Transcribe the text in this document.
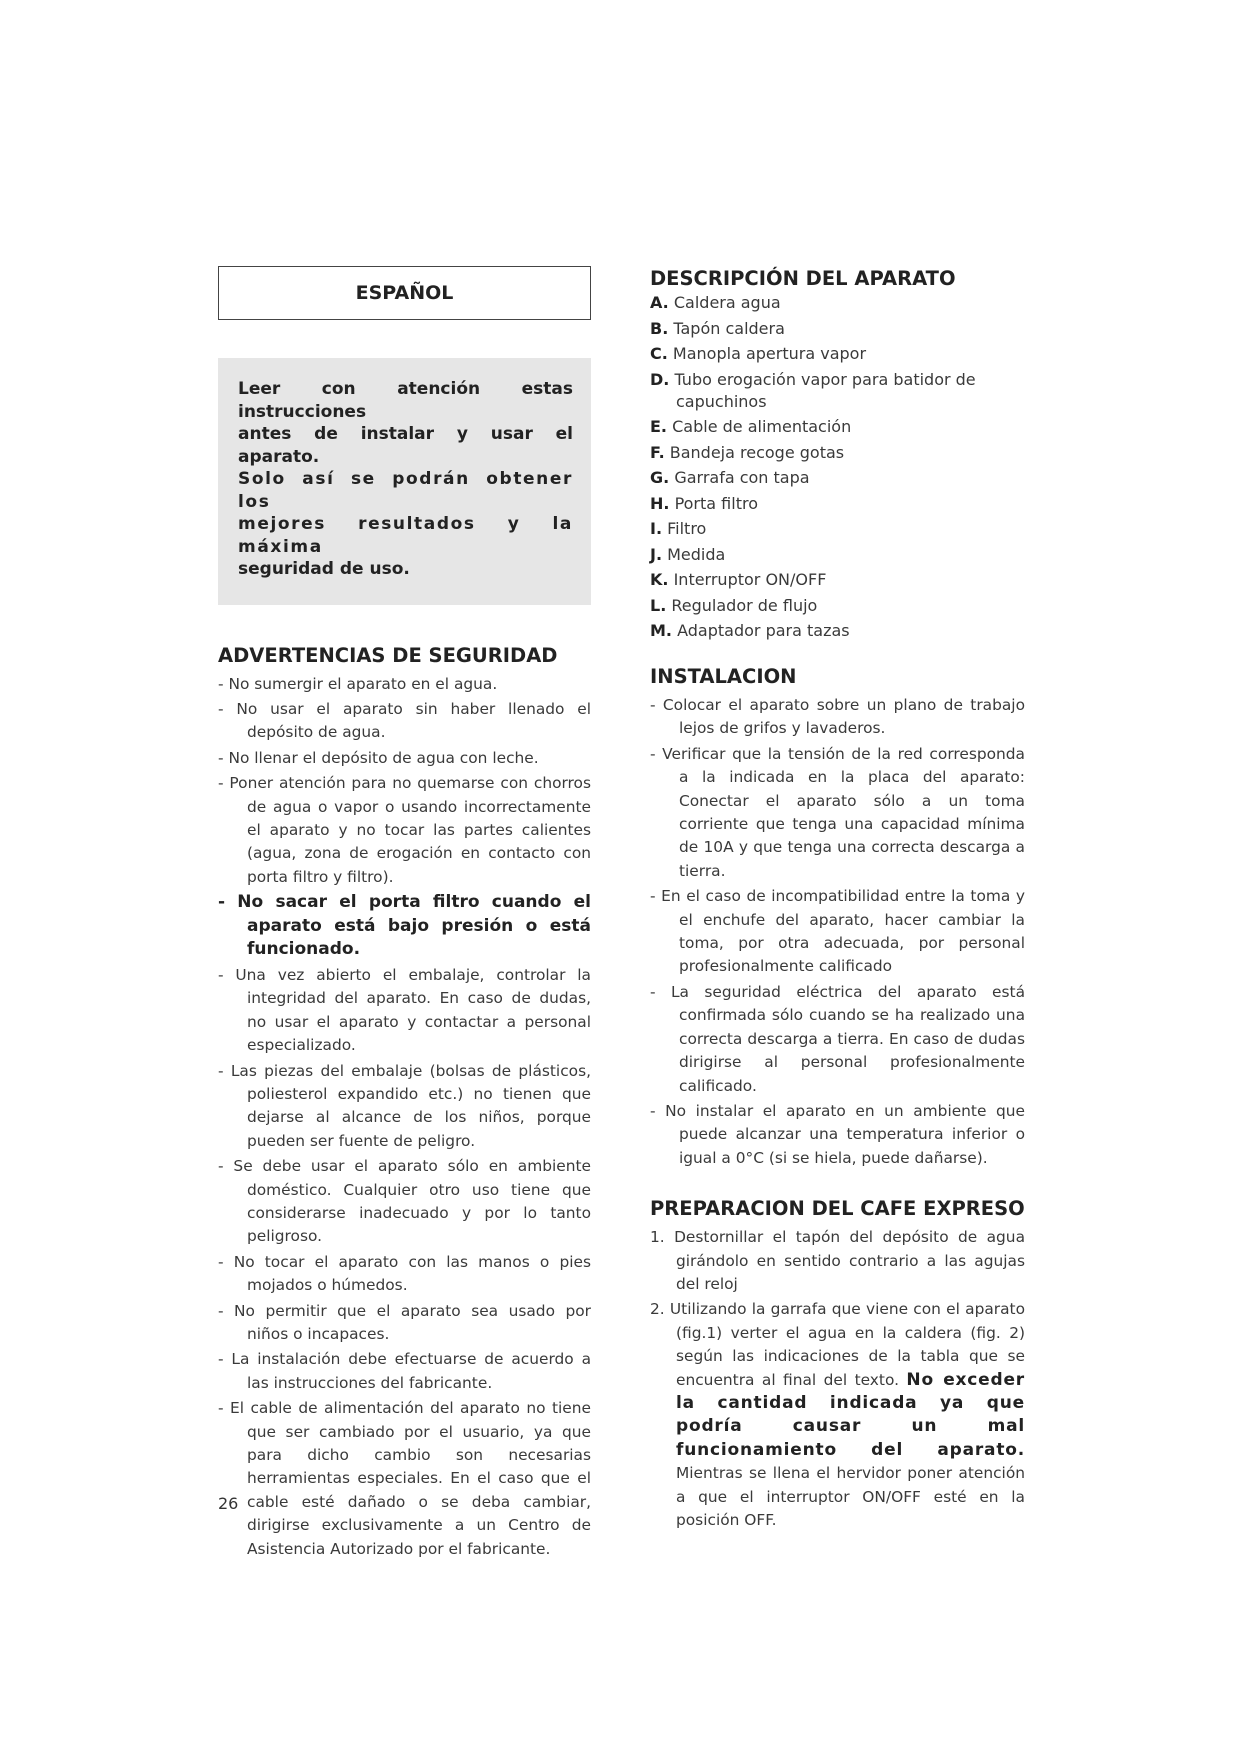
ESPAÑOL
Leer con atención estas instrucciones
antes de instalar y usar el aparato.
Solo así se podrán obtener los
mejores resultados y la máxima
seguridad de uso.
ADVERTENCIAS DE SEGURIDAD
- No sumergir el aparato en el agua.
- No usar el aparato sin haber llenado el depósito de agua.
- No llenar el depósito de agua con leche.
- Poner atención para no quemarse con chorros de agua o vapor o usando incorrectamente el aparato y no tocar las partes calientes (agua, zona de erogación en contacto con porta filtro y filtro).
- No sacar el porta filtro cuando el aparato está bajo presión o está funcionado.
- Una vez abierto el embalaje, controlar la integridad del aparato. En caso de dudas, no usar el aparato y contactar a personal especializado.
- Las piezas del embalaje (bolsas de plásticos, poliesterol expandido etc.) no tienen que dejarse al alcance de los niños, porque pueden ser fuente de peligro.
- Se debe usar el aparato sólo en ambiente doméstico. Cualquier otro uso tiene que considerarse inadecuado y por lo tanto peligroso.
- No tocar el aparato con las manos o pies mojados o húmedos.
- No permitir que el aparato sea usado por niños o incapaces.
- La instalación debe efectuarse de acuerdo a las instrucciones del fabricante.
- El cable de alimentación del aparato no tiene que ser cambiado por el usuario, ya que para dicho cambio son necesarias herramientas especiales. En el caso que el cable esté dañado o se deba cambiar, dirigirse exclusivamente a un Centro de Asistencia Autorizado por el fabricante.
DESCRIPCIÓN DEL APARATO
A. Caldera agua
B. Tapón caldera
C. Manopla apertura vapor
D. Tubo erogación vapor para batidor de capuchinos
E. Cable de alimentación
F. Bandeja recoge gotas
G. Garrafa con tapa
H. Porta filtro
I. Filtro
J. Medida
K. Interruptor ON/OFF
L. Regulador de flujo
M. Adaptador para tazas
INSTALACION
- Colocar el aparato sobre un plano de trabajo lejos de grifos y lavaderos.
- Verificar que la tensión de la red corresponda a la indicada en la placa del aparato: Conectar el aparato sólo a un toma corriente que tenga una capacidad mínima de 10A y que tenga una correcta descarga a tierra.
- En el caso de incompatibilidad entre la toma y el enchufe del aparato, hacer cambiar la toma, por otra adecuada, por personal profesionalmente calificado
- La seguridad eléctrica del aparato está confirmada sólo cuando se ha realizado una correcta descarga a tierra. En caso de dudas dirigirse al personal profesionalmente calificado.
- No instalar el aparato en un ambiente que puede alcanzar una temperatura inferior o igual a 0°C (si se hiela, puede dañarse).
PREPARACION DEL CAFE EXPRESO
1. Destornillar el tapón del depósito de agua girándolo en sentido contrario a las agujas del reloj
2. Utilizando la garrafa que viene con el aparato (fig.1) verter el agua en la caldera (fig. 2) según las indicaciones de la tabla que se encuentra al final del texto. No exceder la cantidad indicada ya que podría causar un mal funcionamiento del aparato. Mientras se llena el hervidor poner atención a que el interruptor ON/OFF esté en la posición OFF.
26
